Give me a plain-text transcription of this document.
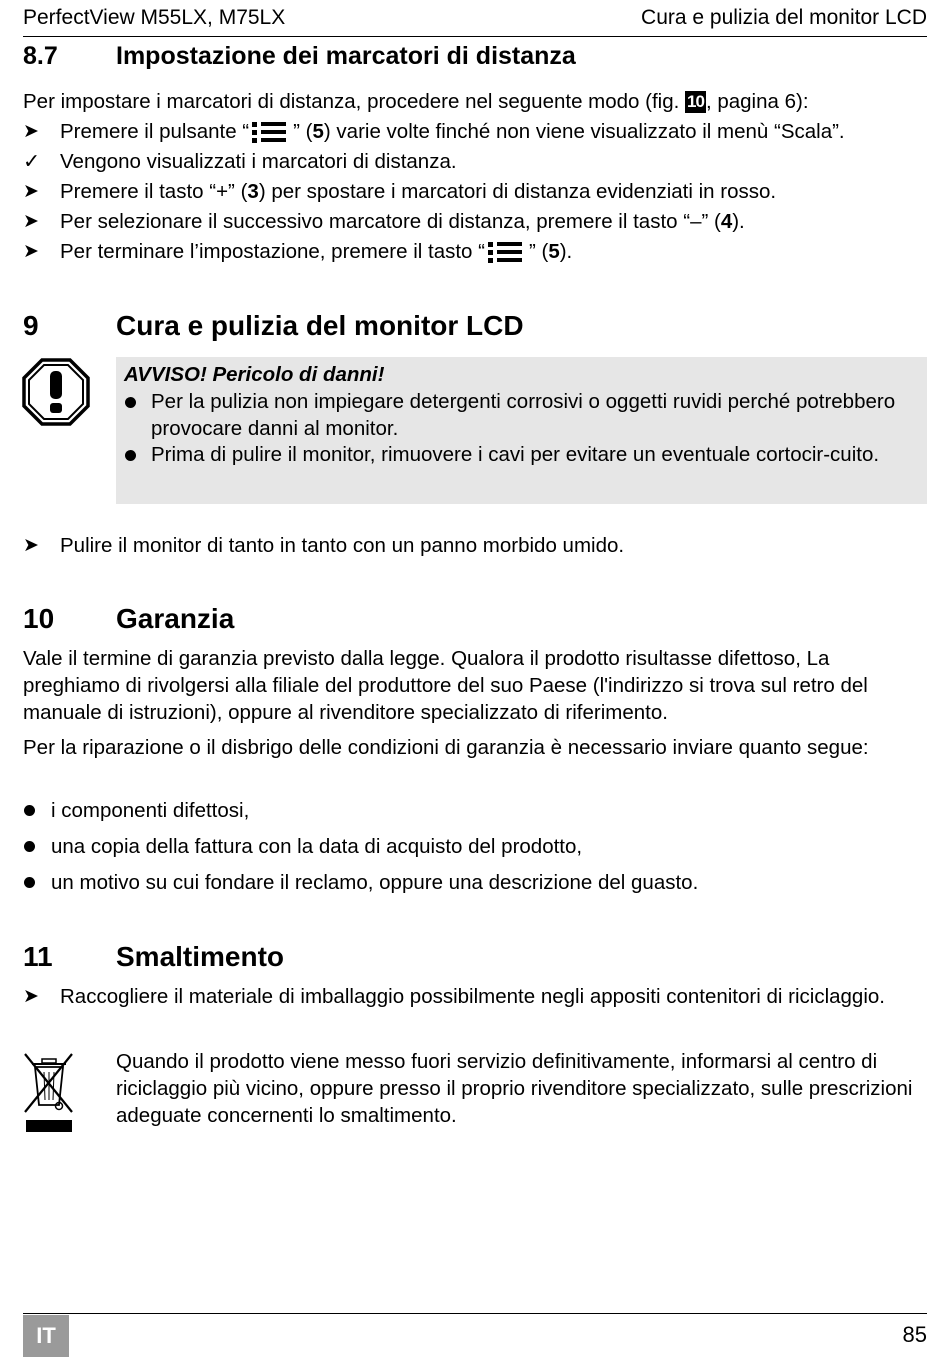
PerfectView M55LX, M75LX	Cura e pulizia del monitor LCD
8.7 Impostazione dei marcatori di distanza
Per impostare i marcatori di distanza, procedere nel seguente modo (fig. 10, pagina 6):
➤	Premere il pulsante “ ” (5) varie volte finché non viene visualizzato il menù “Scala”.
✓ Vengono visualizzati i marcatori di distanza.
➤	Premere il tasto “+” (3) per spostare i marcatori di distanza evidenziati in rosso.
➤	Per selezionare il successivo marcatore di distanza, premere il tasto “–” (4).
➤	Per terminare l’impostazione, premere il tasto “ ” (5).
9	Cura e pulizia del monitor LCD
AVVISO! Pericolo di danni!
Per la pulizia non impiegare detergenti corrosivi o oggetti ruvidi perché potrebbero provocare danni al monitor.
Prima di pulire il monitor, rimuovere i cavi per evitare un eventuale cortocir-cuito.
➤	Pulire il monitor di tanto in tanto con un panno morbido umido.
10 Garanzia
Vale il termine di garanzia previsto dalla legge. Qualora il prodotto risultasse difettoso, La preghiamo di rivolgersi alla filiale del produttore del suo Paese (l'indirizzo si trova sul retro del manuale di istruzioni), oppure al rivenditore specializzato di riferimento.
Per la riparazione o il disbrigo delle condizioni di garanzia è necessario inviare quanto segue:
i componenti difettosi,
una copia della fattura con la data di acquisto del prodotto,
un motivo su cui fondare il reclamo, oppure una descrizione del guasto.
11 Smaltimento
➤	Raccogliere il materiale di imballaggio possibilmente negli appositi contenitori di riciclaggio.
Quando il prodotto viene messo fuori servizio definitivamente, informarsi al centro di riciclaggio più vicino, oppure presso il proprio rivenditore specializzato, sulle prescrizioni adeguate concernenti lo smaltimento.
IT	85
